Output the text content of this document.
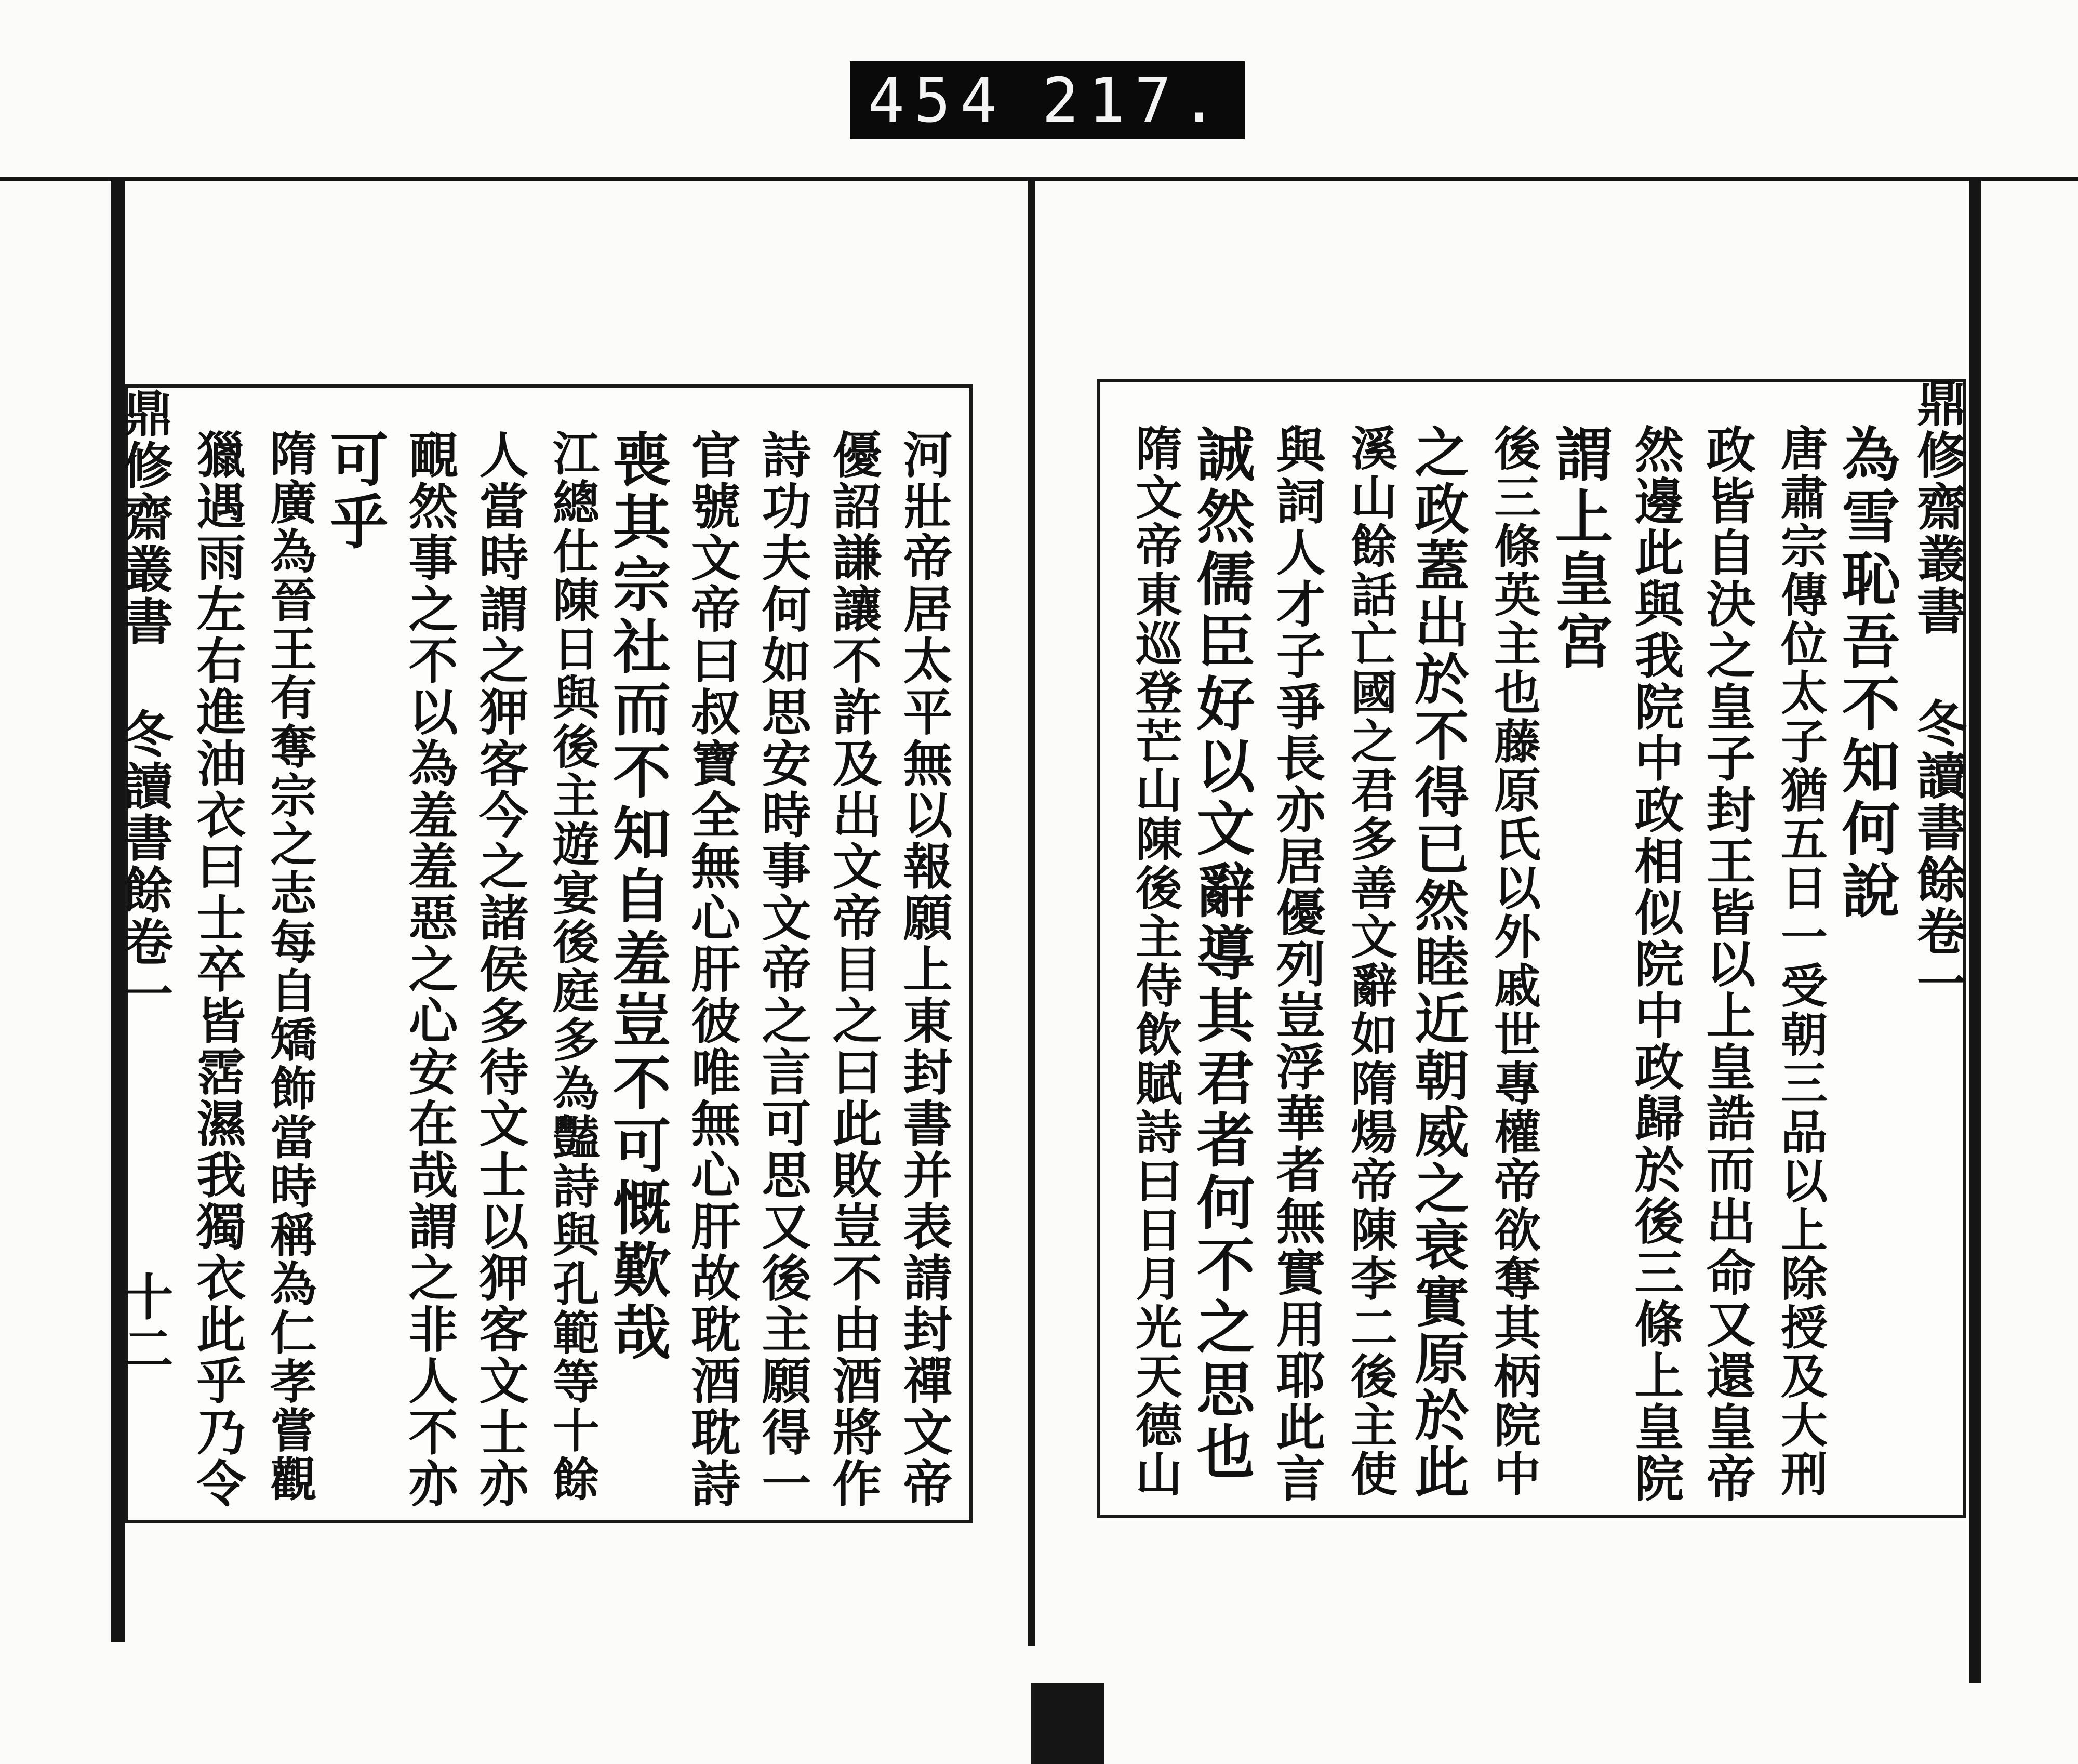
454 217.
鼎修齋叢書 冬讀書餘卷一
十二	河壯帝居太平無以報願上東封書并表請封禪文帝
優詔謙讓不許及出文帝目之曰此敗豈不由酒將作
詩功夫何如思安時事文帝之言可思又後主願得一
官號文帝曰叔寶全無心肝彼唯無心肝故耽酒耽詩
喪其宗社而不知自羞豈不可慨歎哉
江總仕陳日與後主遊宴後庭多為豔詩與孔範等十餘
人當時謂之狎客今之諸侯多待文士以狎客文士亦
靦然事之不以為羞羞惡之心安在哉謂之非人不亦
可乎
隋廣為晉王有奪宗之志每自矯飾當時稱為仁孝嘗觀
獵遇雨左右進油衣曰士卒皆霑濕我獨衣此乎乃令	鼎修齋叢書 冬讀書餘卷一
為雪恥吾不知何說
唐肅宗傳位太子猶五日一受朝三品以上除授及大刑
政皆自決之皇子封王皆以上皇誥而出命又還皇帝
然邊此與我院中政相似院中政歸於後三條上皇院
謂上皇宮
後三條英主也藤原氏以外戚世專權帝欲奪其柄院中
之政蓋出於不得已然睦近朝威之衰實原於此
溪山餘話亡國之君多善文辭如隋煬帝陳李二後主使
與詞人才子爭長亦居優列豈浮華者無實用耶此言
誠然儒臣好以文辭導其君者何不之思也
隋文帝東巡登芒山陳後主侍飲賦詩曰日月光天德山
